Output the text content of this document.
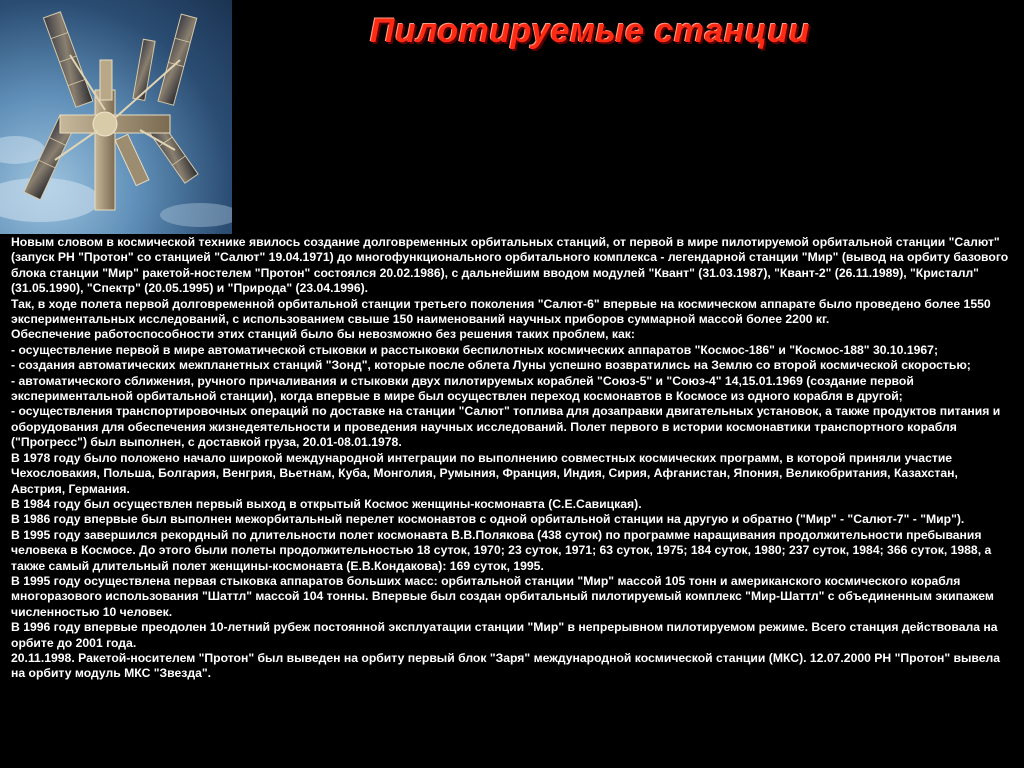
Пилотируемые станции

Новым словом в космической технике явилось создание долговременных орбитальных станций, от первой в мире пилотируемой орбитальной станции "Салют" (запуск РН "Протон" со станцией "Салют" 19.04.1971) до многофункционального орбитального комплекса - легендарной станции "Мир" (вывод на орбиту базового блока станции "Мир" ракетой-ностелем "Протон" состоялся 20.02.1986), с дальнейшим вводом модулей "Квант" (31.03.1987), "Квант-2" (26.11.1989), "Кристалл" (31.05.1990), "Спектр" (20.05.1995) и "Природа" (23.04.1996).

Так, в ходе полета первой долговременной орбитальной станции третьего поколения "Салют-6" впервые на космическом аппарате было проведено более 1550 экспериментальных исследований, с использованием свыше 150 наименований научных приборов суммарной массой более 2200 кг.

Обеспечение работоспособности этих станций было бы невозможно без решения таких проблем, как:

- осуществление первой в мире автоматической стыковки и расстыковки беспилотных космических аппаратов "Космос-186" и "Космос-188" 30.10.1967;

- создания автоматических межпланетных станций "Зонд", которые после облета Луны успешно возвратились на Землю со второй космической скоростью;

- автоматического сближения, ручного причаливания и стыковки двух пилотируемых кораблей "Союз-5" и "Союз-4" 14,15.01.1969 (создание первой экспериментальной орбитальной станции), когда впервые в мире был осуществлен переход космонавтов в Космосе из одного корабля в другой;

- осуществления транспортировочных операций по доставке на станции "Салют" топлива для дозаправки двигательных установок, а также продуктов питания и оборудования для обеспечения жизнедеятельности и проведения научных исследований. Полет первого в истории космонавтики транспортного корабля ("Прогресс") был выполнен, с доставкой груза, 20.01-08.01.1978.

В 1978 году было положено начало широкой международной интеграции по выполнению совместных космических программ, в которой приняли участие Чехословакия, Польша, Болгария, Венгрия, Вьетнам, Куба, Монголия, Румыния, Франция, Индия, Сирия, Афганистан, Япония, Великобритания, Казахстан, Австрия, Германия.

В 1984 году был осуществлен первый выход в открытый Космос женщины-космонавта (С.Е.Савицкая).

В 1986 году впервые был выполнен межорбитальный перелет космонавтов с одной орбитальной станции на другую и обратно ("Мир" - "Салют-7" - "Мир").

В 1995 году завершился рекордный по длительности полет космонавта В.В.Полякова (438 суток) по программе наращивания продолжительности пребывания человека в Космосе. До этого были полеты продолжительностью 18 суток, 1970; 23 суток, 1971; 63 суток, 1975; 184 суток, 1980; 237 суток, 1984; 366 суток, 1988, а также самый длительный полет женщины-космонавта (Е.В.Кондакова): 169 суток, 1995.

В 1995 году осуществлена первая стыковка аппаратов больших масс: орбитальной станции "Мир" массой 105 тонн и американского космического корабля многоразового использования "Шаттл" массой 104 тонны. Впервые был создан орбитальный пилотируемый комплекс "Мир-Шаттл" с объединенным экипажем численностью 10 человек.

В 1996 году впервые преодолен 10-летний рубеж постоянной эксплуатации станции "Мир" в непрерывном пилотируемом режиме. Всего станция действовала на орбите до 2001 года.

20.11.1998. Ракетой-носителем "Протон" был выведен на орбиту первый блок "Заря" международной космической станции (МКС). 12.07.2000 РН "Протон" вывела на орбиту модуль МКС "Звезда".
